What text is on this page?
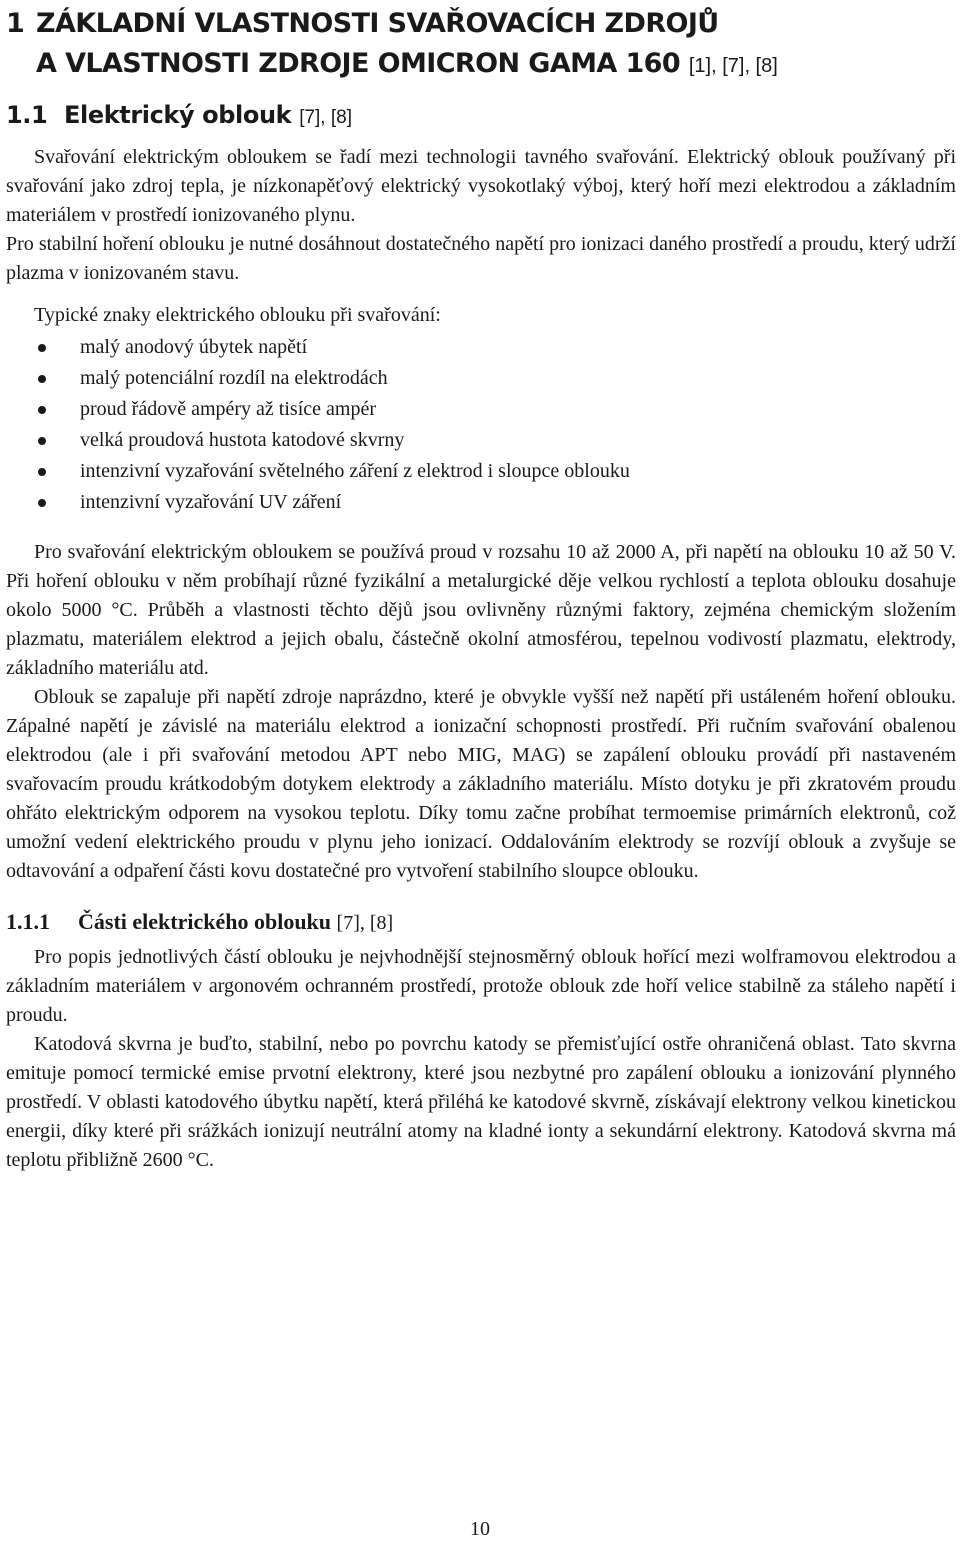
1 ZÁKLADNÍ VLASTNOSTI SVAŘOVACÍCH ZDROJŮ
A VLASTNOSTI ZDROJE OMICRON GAMA 160 [1], [7], [8]
1.1 Elektrický oblouk [7], [8]

Svařování elektrickým obloukem se řadí mezi technologii tavného svařování. Elektrický oblouk používaný při svařování jako zdroj tepla, je nízkonapěťový elektrický vysokotlaký výboj, který hoří mezi elektrodou a základním materiálem v prostředí ionizovaného plynu.

Pro stabilní hoření oblouku je nutné dosáhnout dostatečného napětí pro ionizaci daného prostředí a proudu, který udrží plazma v ionizovaném stavu.

Typické znaky elektrického oblouku při svařování:

malý anodový úbytek napětí
malý potenciální rozdíl na elektrodách
proud řádově ampéry až tisíce ampér
velká proudová hustota katodové skvrny
intenzivní vyzařování světelného záření z elektrod i sloupce oblouku
intenzivní vyzařování UV záření

Pro svařování elektrickým obloukem se používá proud v rozsahu 10 až 2000 A, při napětí na oblouku 10 až 50 V. Při hoření oblouku v něm probíhají různé fyzikální a metalurgické děje velkou rychlostí a teplota oblouku dosahuje okolo 5000 °C. Průběh a vlastnosti těchto dějů jsou ovlivněny různými faktory, zejména chemickým složením plazmatu, materiálem elektrod a jejich obalu, částečně okolní atmosférou, tepelnou vodivostí plazmatu, elektrody, základního materiálu atd.

Oblouk se zapaluje při napětí zdroje naprázdno, které je obvykle vyšší než napětí při ustáleném hoření oblouku. Zápalné napětí je závislé na materiálu elektrod a ionizační schopnosti prostředí. Při ručním svařování obalenou elektrodou (ale i při svařování metodou APT nebo MIG, MAG) se zapálení oblouku provádí při nastaveném svařovacím proudu krátkodobým dotykem elektrody a základního materiálu. Místo dotyku je při zkratovém proudu ohřáto elektrickým odporem na vysokou teplotu. Díky tomu začne probíhat termoemise primárních elektronů, což umožní vedení elektrického proudu v plynu jeho ionizací. Oddalováním elektrody se rozvíjí oblouk a zvyšuje se odtavování a odpaření části kovu dostatečné pro vytvoření stabilního sloupce oblouku.

1.1.1 Části elektrického oblouku [7], [8]

Pro popis jednotlivých částí oblouku je nejvhodnější stejnosměrný oblouk hořící mezi wolframovou elektrodou a základním materiálem v argonovém ochranném prostředí, protože oblouk zde hoří velice stabilně za stáleho napětí i proudu.

Katodová skvrna je buďto, stabilní, nebo po povrchu katody se přemisťující ostře ohraničená oblast. Tato skvrna emituje pomocí termické emise prvotní elektrony, které jsou nezbytné pro zapálení oblouku a ionizování plynného prostředí. V oblasti katodového úbytku napětí, která přiléhá ke katodové skvrně, získávají elektrony velkou kinetickou energii, díky které při srážkách ionizují neutrální atomy na kladné ionty a sekundární elektrony. Katodová skvrna má teplotu přibližně 2600 °C.

10
